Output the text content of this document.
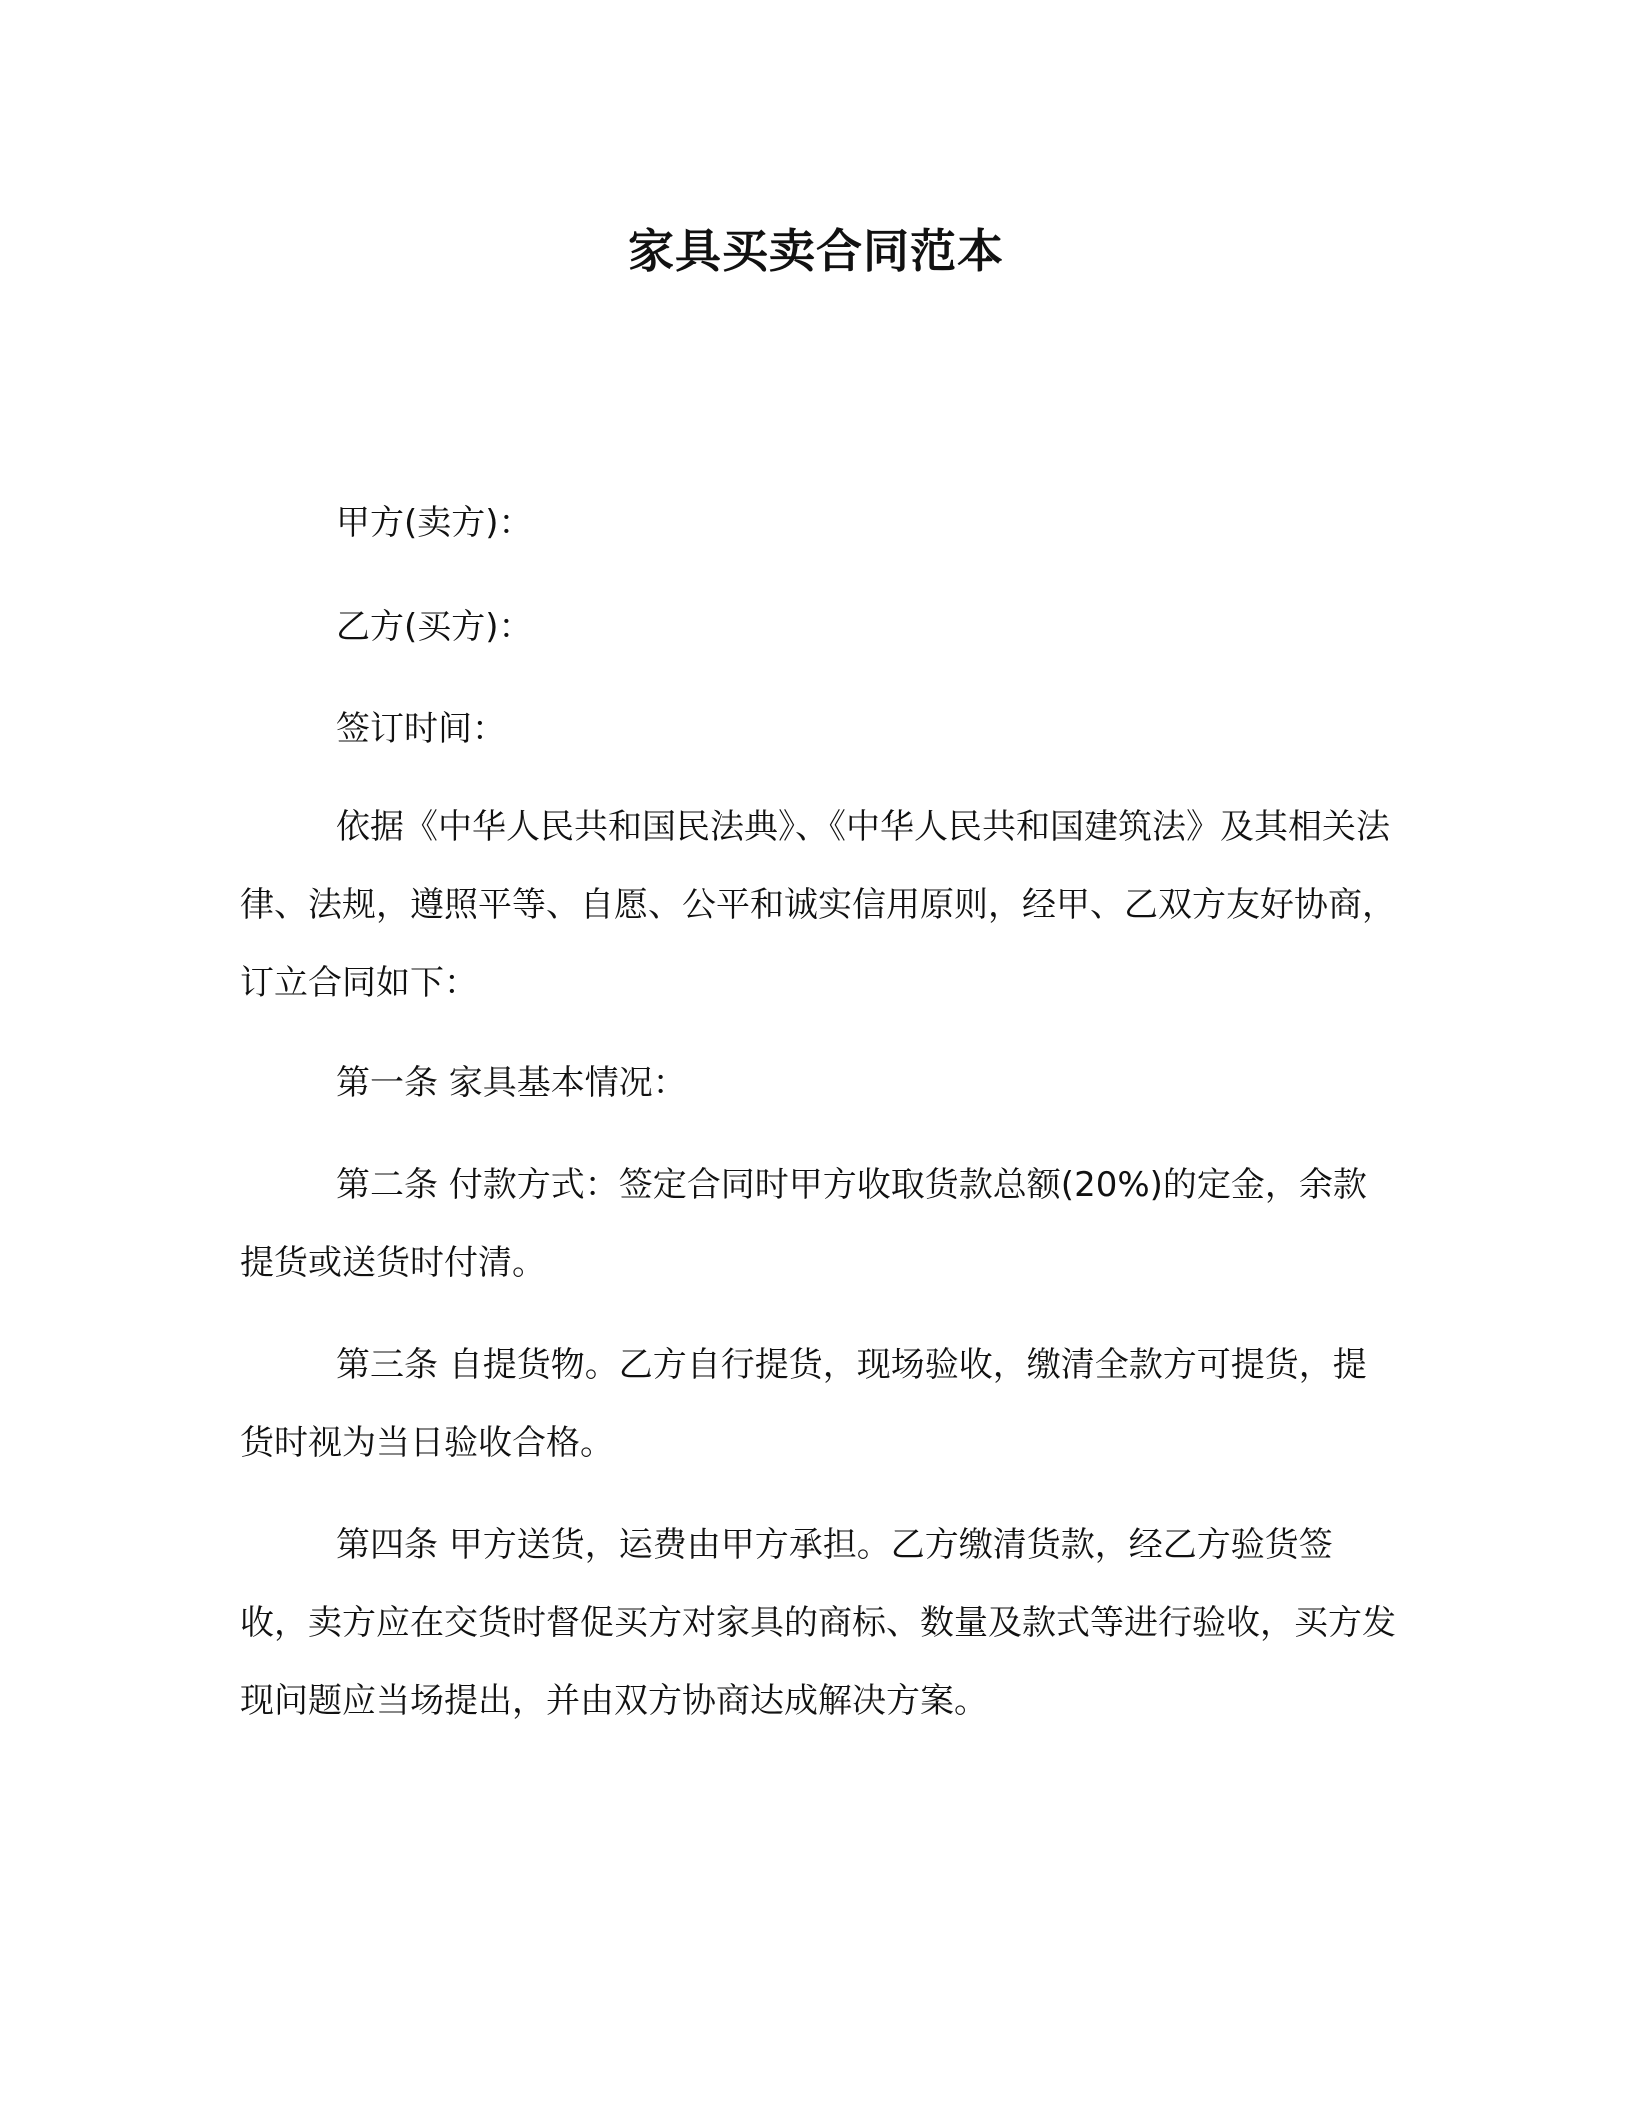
家具买卖合同范本

甲方(卖方)：

乙方(买方)：

签订时间：

依据《中华人民共和国民法典》、《中华人民共和国建筑法》及其相关法律、法规，遵照平等、自愿、公平和诚实信用原则，经甲、乙双方友好协商，订立合同如下：

第一条 家具基本情况：

第二条 付款方式：签定合同时甲方收取货款总额(20%)的定金，余款提货或送货时付清。

第三条 自提货物。乙方自行提货，现场验收，缴清全款方可提货，提货时视为当日验收合格。

第四条 甲方送货，运费由甲方承担。乙方缴清货款，经乙方验货签收，卖方应在交货时督促买方对家具的商标、数量及款式等进行验收，买方发现问题应当场提出，并由双方协商达成解决方案。
